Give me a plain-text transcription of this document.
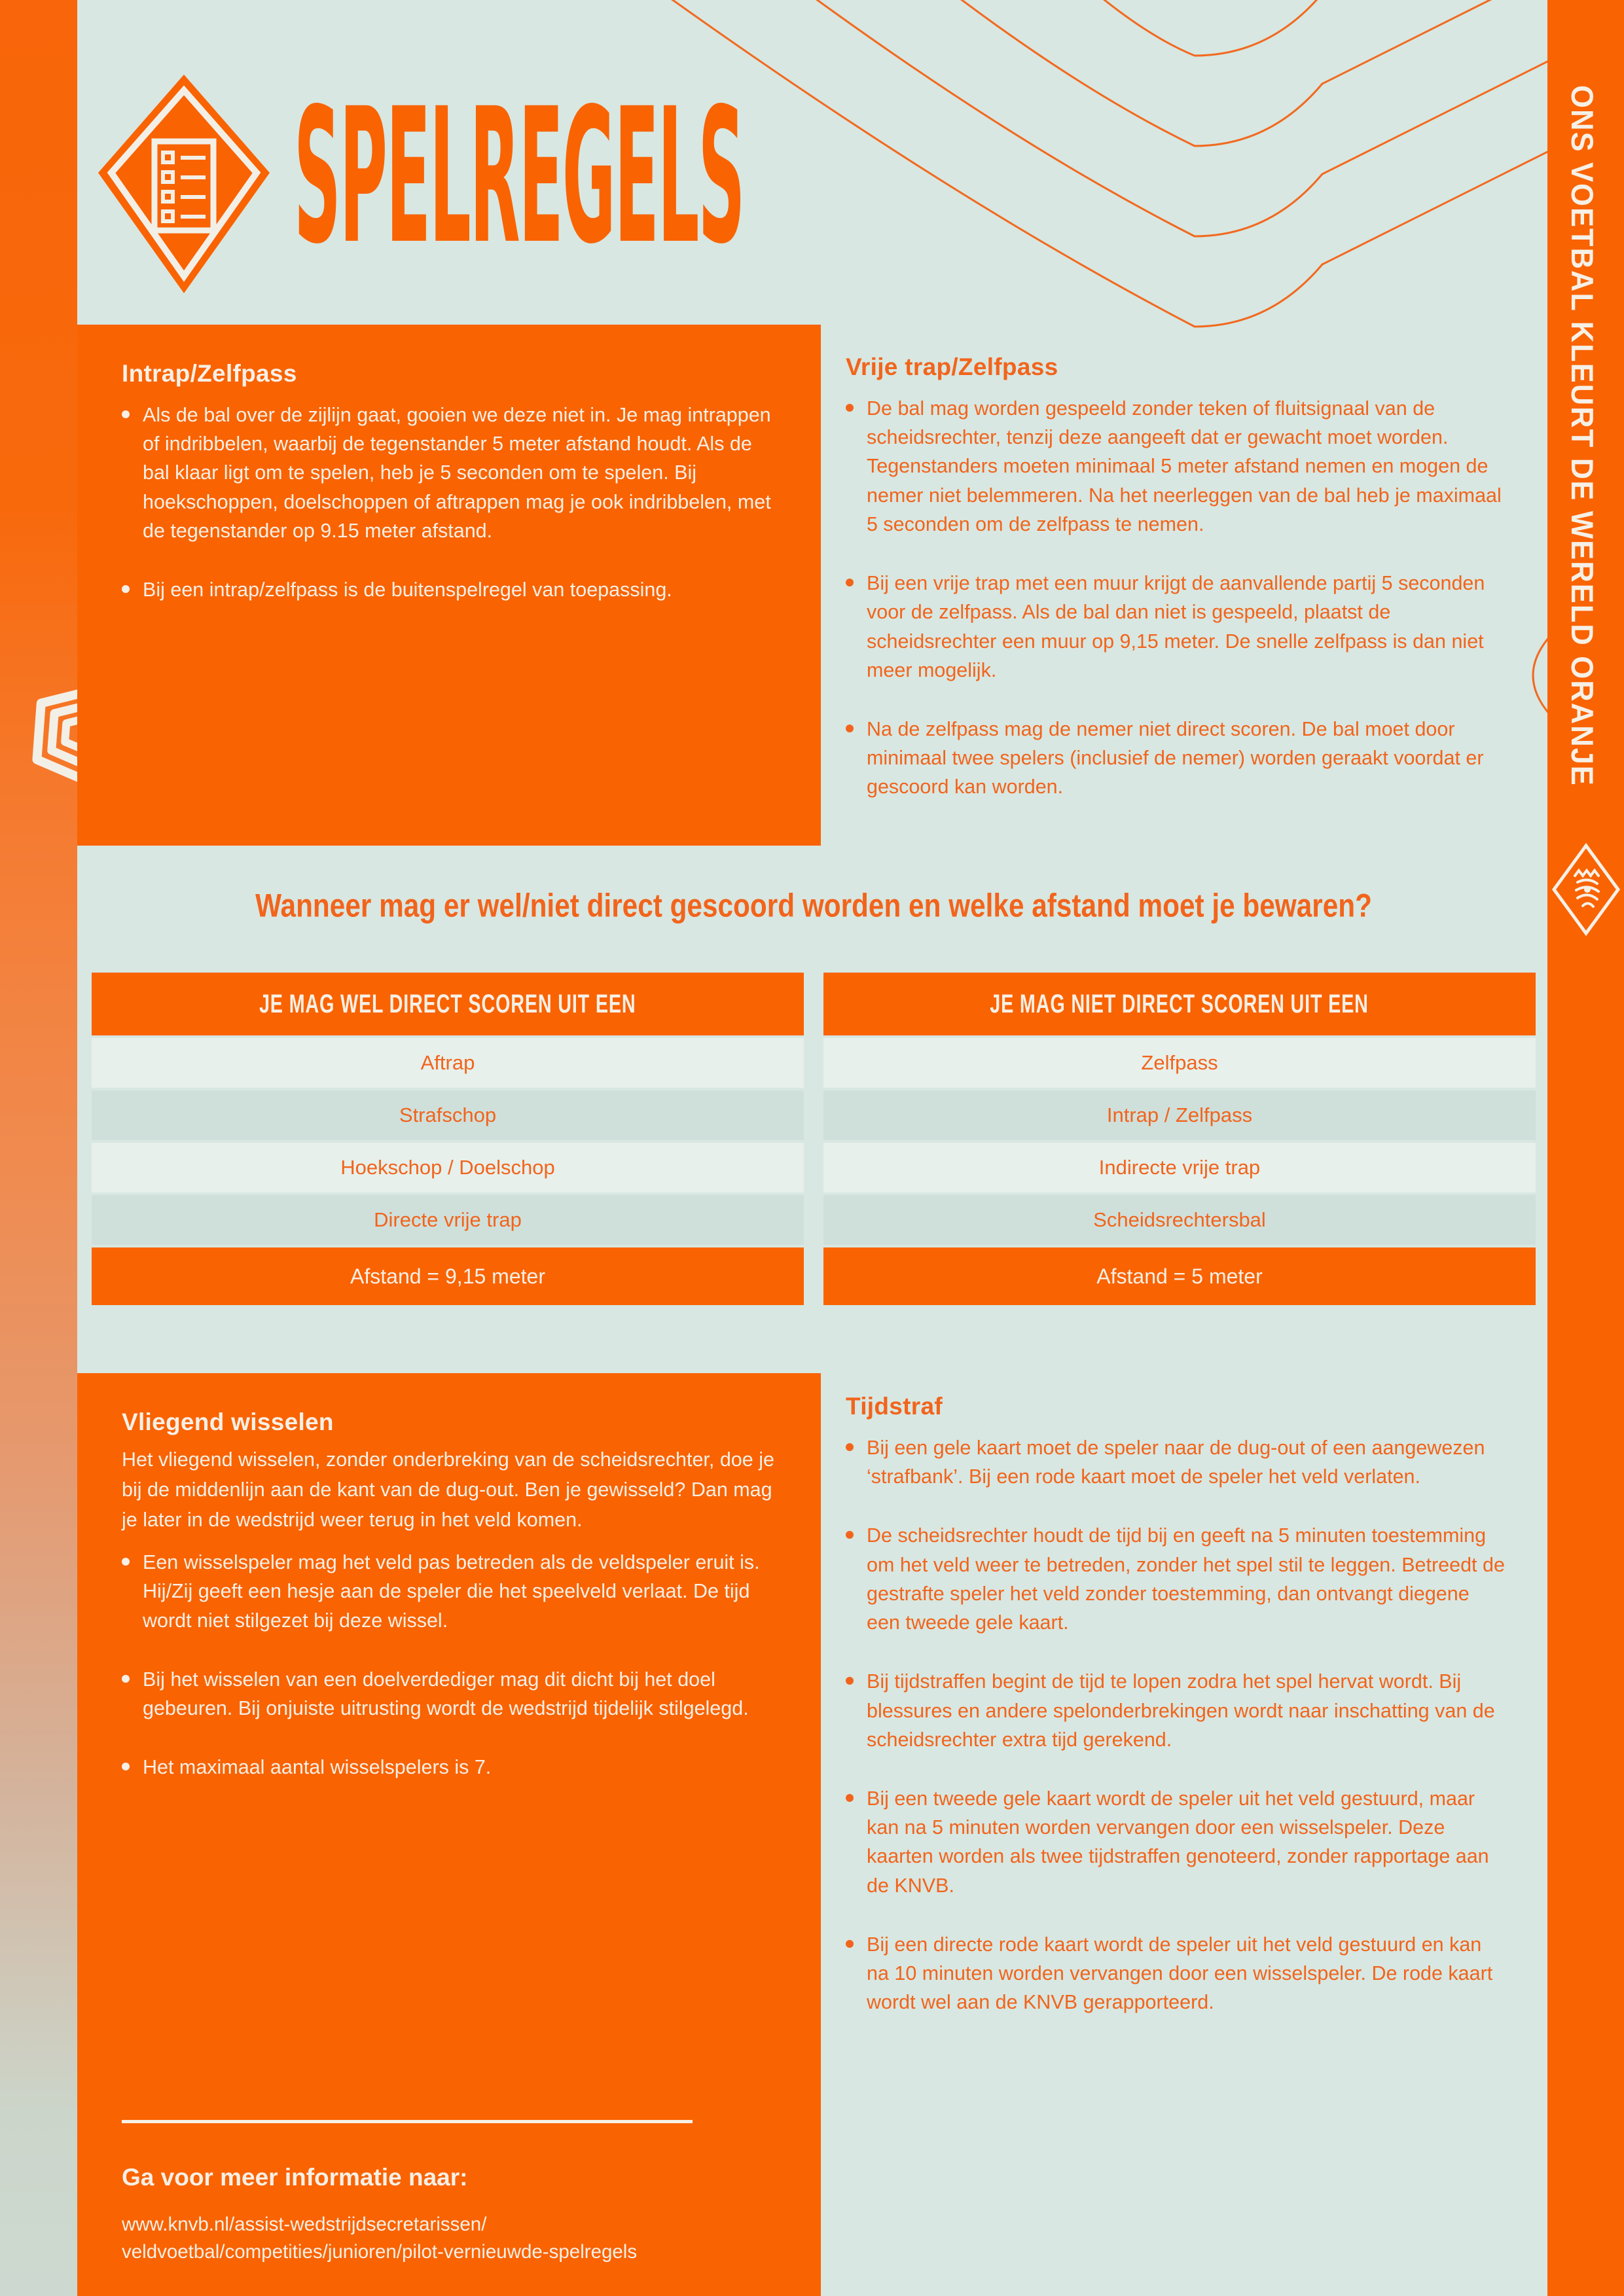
SPELREGELS
Intrap/Zelfpass
Als de bal over de zijlijn gaat, gooien we deze niet in. Je mag intrappen of indribbelen, waarbij de tegenstander 5 meter afstand houdt. Als de bal klaar ligt om te spelen, heb je 5 seconden om te spelen. Bij hoekschoppen, doelschoppen of aftrappen mag je ook indribbelen, met de tegenstander op 9.15 meter afstand.
Bij een intrap/zelfpass is de buitenspelregel van toepassing.
Vrije trap/Zelfpass
De bal mag worden gespeeld zonder teken of fluitsignaal van de scheidsrechter, tenzij deze aangeeft dat er gewacht moet worden. Tegenstanders moeten minimaal 5 meter afstand nemen en mogen de nemer niet belemmeren. Na het neerleggen van de bal heb je maximaal 5 seconden om de zelfpass te nemen.
Bij een vrije trap met een muur krijgt de aanvallende partij 5 seconden voor de zelfpass. Als de bal dan niet is gespeeld, plaatst de scheidsrechter een muur op 9,15 meter. De snelle zelfpass is dan niet meer mogelijk.
Na de zelfpass mag de nemer niet direct scoren. De bal moet door minimaal twee spelers (inclusief de nemer) worden geraakt voordat er gescoord kan worden.
Wanneer mag er wel/niet direct gescoord worden en welke afstand moet je bewaren?
JE MAG WEL DIRECT SCOREN UIT EEN
Aftrap
Strafschop
Hoekschop / Doelschop
Directe vrije trap
Afstand = 9,15 meter
JE MAG NIET DIRECT SCOREN UIT EEN
Zelfpass
Intrap / Zelfpass
Indirecte vrije trap
Scheidsrechtersbal
Afstand = 5 meter
Vliegend wisselen

Het vliegend wisselen, zonder onderbreking van de scheidsrechter, doe je bij de middenlijn aan de kant van de dug-out. Ben je gewisseld? Dan mag je later in de wedstrijd weer terug in het veld komen.

Een wisselspeler mag het veld pas betreden als de veldspeler eruit is. Hij/Zij geeft een hesje aan de speler die het speelveld verlaat. De tijd wordt niet stilgezet bij deze wissel.
Bij het wisselen van een doelverdediger mag dit dicht bij het doel gebeuren. Bij onjuiste uitrusting wordt de wedstrijd tijdelijk stilgelegd.
Het maximaal aantal wisselspelers is 7.
Ga voor meer informatie naar:
www.knvb.nl/assist-wedstrijdsecretarissen/
veldvoetbal/competities/junioren/pilot-vernieuwde-spelregels
Tijdstraf
Bij een gele kaart moet de speler naar de dug-out of een aangewezen ‘strafbank’. Bij een rode kaart moet de speler het veld verlaten.
De scheidsrechter houdt de tijd bij en geeft na 5 minuten toestemming om het veld weer te betreden, zonder het spel stil te leggen. Betreedt de gestrafte speler het veld zonder toestemming, dan ontvangt diegene een tweede gele kaart.
Bij tijdstraffen begint de tijd te lopen zodra het spel hervat wordt. Bij blessures en andere spelonderbrekingen wordt naar inschatting van de scheidsrechter extra tijd gerekend.
Bij een tweede gele kaart wordt de speler uit het veld gestuurd, maar kan na 5 minuten worden vervangen door een wisselspeler. Deze kaarten worden als twee tijdstraffen genoteerd, zonder rapportage aan de KNVB.
Bij een directe rode kaart wordt de speler uit het veld gestuurd en kan na 10 minuten worden vervangen door een wisselspeler. De rode kaart wordt wel aan de KNVB gerapporteerd.
ONS VOETBAL KLEURT DE WERELD ORANJE
